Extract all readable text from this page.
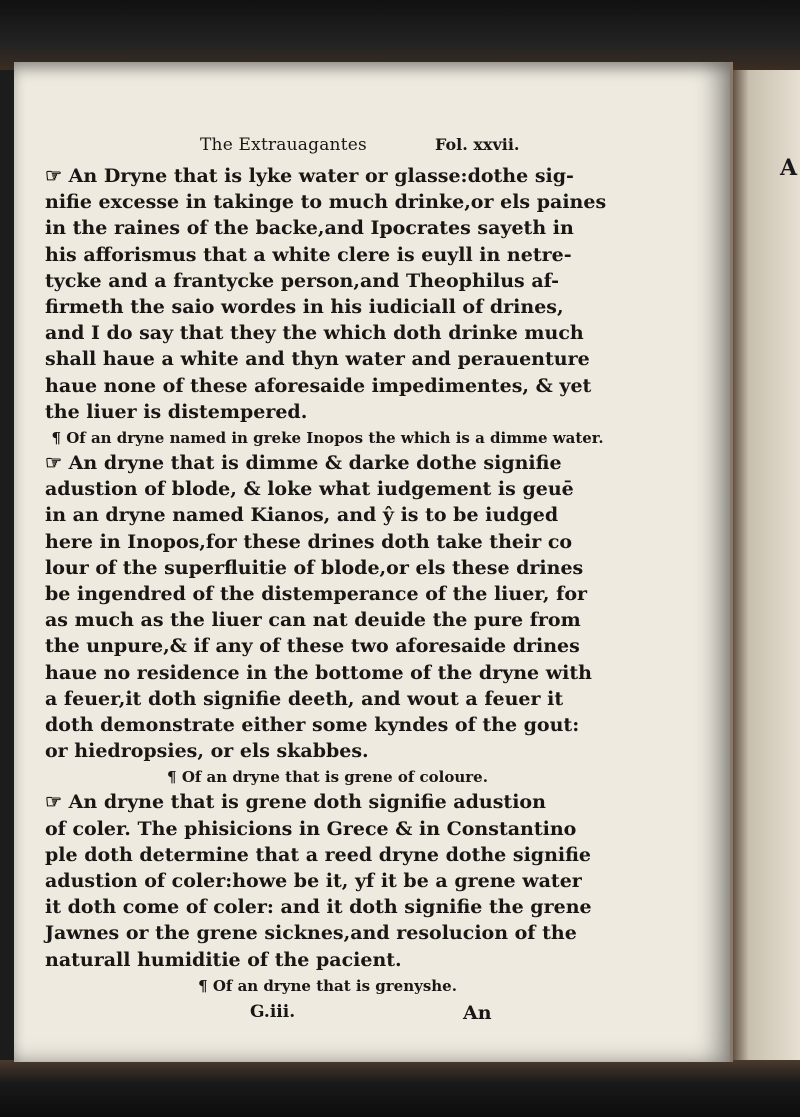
A
The Extrauagantes	Fol. xxvii.
☞ An Dryne that is lyke water or glasse:dothe sig-
nifie excesse in takinge to much drinke,or els paines
in the raines of the backe,and Ipocrates sayeth in
his afforismus that a white clere is euyll in netre-
tycke and a frantycke person,and Theophilus af-
firmeth the saio wordes in his iudiciall of drines,
and I do say that they the which doth drinke much
shall haue a white and thyn water and perauenture
haue none of these aforesaide impedimentes, & yet
the liuer is distempered.
¶ Of an dryne named in greke Inopos the which is a dimme water.
☞ An dryne that is dimme & darke dothe signifie
adustion of blode, & loke what iudgement is geuē
in an dryne named Kianos, and ŷ is to be iudged
here in Inopos,for these drines doth take their co
lour of the superfluitie of blode,or els these drines
be ingendred of the distemperance of the liuer, for
as much as the liuer can nat deuide the pure from
the unpure,& if any of these two aforesaide drines
haue no residence in the bottome of the dryne with
a feuer,it doth signifie deeth, and wout a feuer it
doth demonstrate either some kyndes of the gout:
or hiedropsies, or els skabbes.
¶ Of an dryne that is grene of coloure.
☞ An dryne that is grene doth signifie adustion
of coler. The phisicions in Grece & in Constantino
ple doth determine that a reed dryne dothe signifie
adustion of coler:howe be it, yf it be a grene water
it doth come of coler: and it doth signifie the grene
Jawnes or the grene sicknes,and resolucion of the
naturall humiditie of the pacient.
¶ Of an dryne that is grenyshe.
G.iii.	An
